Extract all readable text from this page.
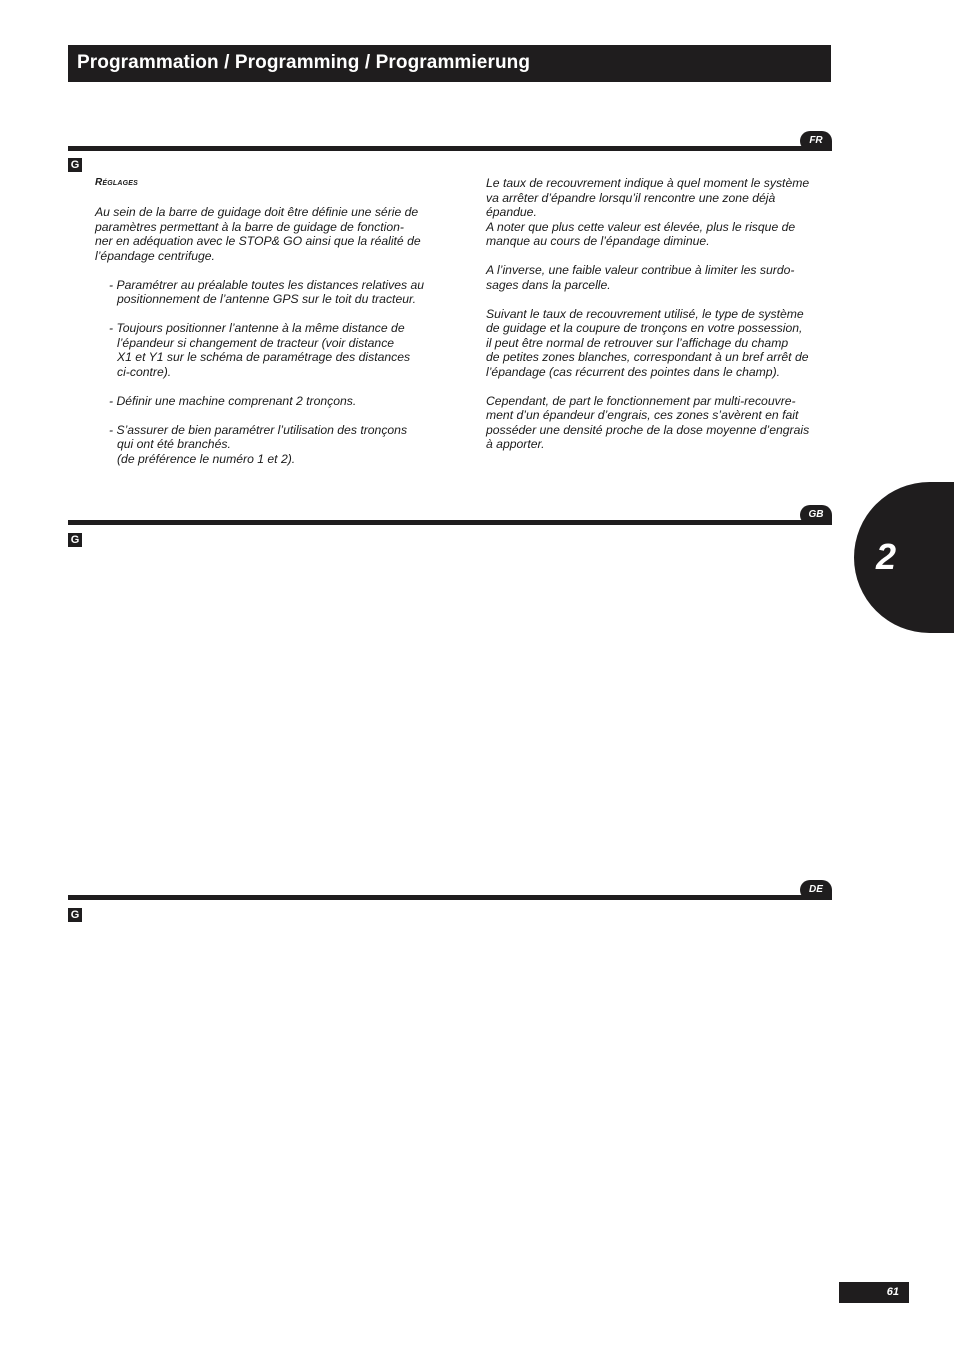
Programmation / Programming / Programmierung
FR
G

Réglages

Au sein de la barre de guidage doit être définie une série de

paramètres permettant à la barre de guidage de fonction-

ner en adéquation avec le STOP& GO ainsi que la réalité de

l’épandage centrifuge.

- Paramétrer au préalable toutes les distances relatives au

positionnement de l’antenne GPS sur le toit du tracteur.

- Toujours positionner l’antenne à la même distance de

l’épandeur si changement de tracteur (voir distance

X1 et Y1 sur le schéma de paramétrage des distances

ci-contre).

- Définir une machine comprenant 2 tronçons.

- S’assurer de bien paramétrer l’utilisation des tronçons

qui ont été branchés.

(de préférence le numéro 1 et 2).

Le taux de recouvrement indique à quel moment le système

va arrêter d’épandre lorsqu’il rencontre une zone déjà

épandue.

A noter que plus cette valeur est élevée, plus le risque de

manque au cours de l’épandage diminue.

A l’inverse, une faible valeur contribue à limiter les surdo-

sages dans la parcelle.

Suivant le taux de recouvrement utilisé, le type de système

de guidage et la coupure de tronçons en votre possession,

il peut être normal de retrouver sur l’affichage du champ

de petites zones blanches, correspondant à un bref arrêt de

l’épandage (cas récurrent des pointes dans le champ).

Cependant, de part le fonctionnement par multi-recouvre-

ment d’un épandeur d’engrais, ces zones s’avèrent en fait

posséder une densité proche de la dose moyenne d’engrais

à apporter.

GB
G
DE
G
2
61
